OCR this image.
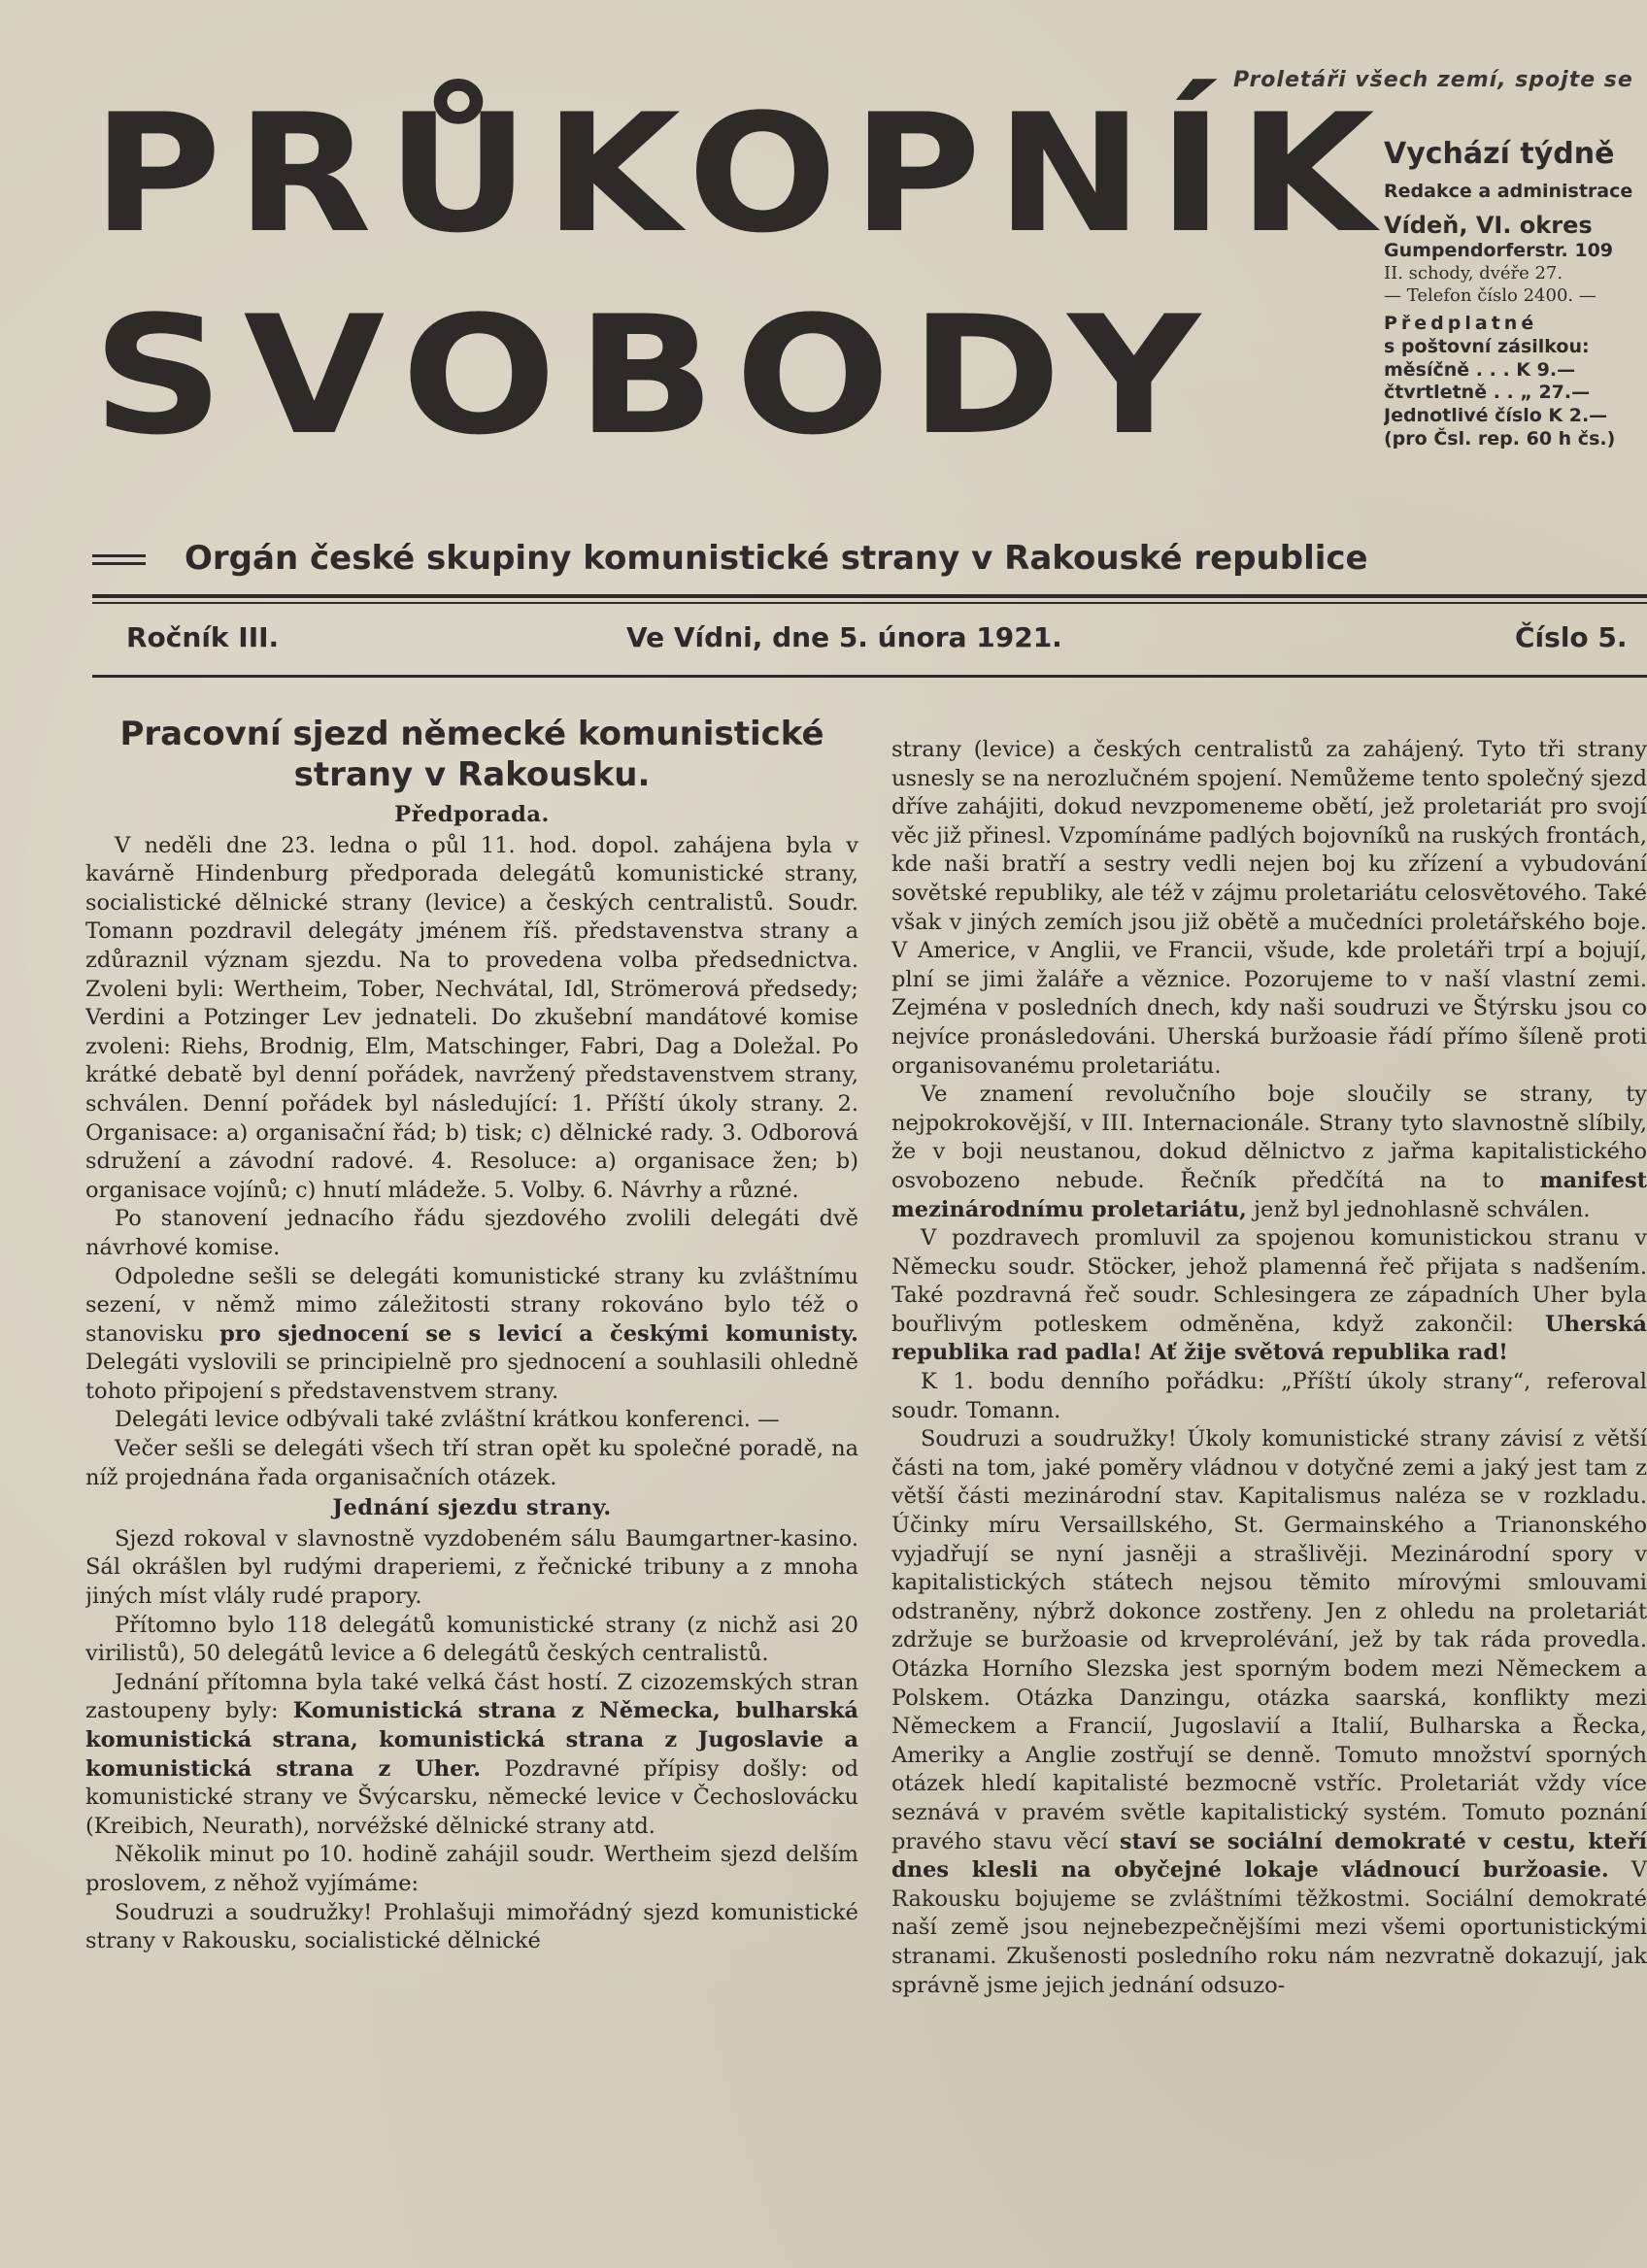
Proletáři všech zemí, spojte se
PRŮKOPNÍK
SVOBODY
Vychází týdně
Redakce a administrace
Vídeň, VI. okres
Gumpendorferstr. 109
II. schody, dvéře 27.
— Telefon číslo 2400. —
Předplatné
s poštovní zásilkou:
měsíčně . . . K 9.—
čtvrtletně . . „ 27.—
Jednotlivé číslo K 2.—
(pro Čsl. rep. 60 h čs.)
Orgán české skupiny komunistické strany v Rakouské republice
Ročník III.	Ve Vídni, dne 5. února 1921.	Číslo 5.
Pracovní sjezd německé komunistické
strany v Rakousku.
Předporada.

V neděli dne 23. ledna o půl 11. hod. dopol. zahájena byla v kavárně Hindenburg předporada delegátů komunistické strany, socialistické dělnické strany (levice) a českých centralistů. Soudr. Tomann pozdravil delegáty jménem říš. představenstva strany a zdůraznil význam sjezdu. Na to provedena volba předsednictva. Zvoleni byli: Wertheim, Tober, Nechvátal, Idl, Strömerová předsedy; Verdini a Potzinger Lev jednateli. Do zkušební mandátové komise zvoleni: Riehs, Brodnig, Elm, Matschinger, Fabri, Dag a Doležal. Po krátké debatě byl denní pořádek, navržený představenstvem strany, schválen. Denní pořádek byl následující: 1. Příští úkoly strany. 2. Organisace: a) organisační řád; b) tisk; c) dělnické rady. 3. Odborová sdružení a závodní radové. 4. Resoluce: a) organisace žen; b) organisace vojínů; c) hnutí mládeže. 5. Volby. 6. Návrhy a různé.

Po stanovení jednacího řádu sjezdového zvolili delegáti dvě návrhové komise.

Odpoledne sešli se delegáti komunistické strany ku zvláštnímu sezení, v němž mimo záležitosti strany rokováno bylo též o stanovisku pro sjednocení se s levicí a českými komunisty. Delegáti vyslovili se principielně pro sjednocení a souhlasili ohledně tohoto připojení s představenstvem strany.

Delegáti levice odbývali také zvláštní krátkou konferenci. —

Večer sešli se delegáti všech tří stran opět ku společné poradě, na níž projednána řada organisačních otázek.

Jednání sjezdu strany.

Sjezd rokoval v slavnostně vyzdobeném sálu Baumgartner-kasino. Sál okrášlen byl rudými draperiemi, z řečnické tribuny a z mnoha jiných míst vlály rudé prapory.

Přítomno bylo 118 delegátů komunistické strany (z nichž asi 20 virilistů), 50 delegátů levice a 6 delegátů českých centralistů.

Jednání přítomna byla také velká část hostí. Z cizozemských stran zastoupeny byly: Komunistická strana z Německa, bulharská komunistická strana, komunistická strana z Jugoslavie a komunistická strana z Uher. Pozdravné přípisy došly: od komunistické strany ve Švýcarsku, německé levice v Čechoslovácku (Kreibich, Neurath), norvéžské dělnické strany atd.

Několik minut po 10. hodině zahájil soudr. Wertheim sjezd delším proslovem, z něhož vyjímáme:

Soudruzi a soudružky! Prohlašuji mimořádný sjezd komunistické strany v Rakousku, socialistické dělnické

strany (levice) a českých centralistů za zahájený. Tyto tři strany usnesly se na nerozlučném spojení. Nemůžeme tento společný sjezd dříve zahájiti, dokud nevzpomeneme obětí, jež proletariát pro svojí věc již přinesl. Vzpomínáme padlých bojovníků na ruských frontách, kde naši bratří a sestry vedli nejen boj ku zřízení a vybudování sovětské republiky, ale též v zájmu proletariátu celosvětového. Také však v jiných zemích jsou již obětě a mučedníci proletářského boje. V Americe, v Anglii, ve Francii, všude, kde proletáři trpí a bojují, plní se jimi žaláře a věznice. Pozorujeme to v naší vlastní zemi. Zejména v posledních dnech, kdy naši soudruzi ve Štýrsku jsou co nejvíce pronásledováni. Uherská buržoasie řádí přímo šíleně proti organisovanému proletariátu.

Ve znamení revolučního boje sloučily se strany, ty nejpokrokovější, v III. Internacionále. Strany tyto slavnostně slíbily, že v boji neustanou, dokud dělnictvo z jařma kapitalistického osvobozeno nebude. Řečník předčítá na to manifest mezinárodnímu proletariátu, jenž byl jednohlasně schválen.

V pozdravech promluvil za spojenou komunistickou stranu v Německu soudr. Stöcker, jehož plamenná řeč přijata s nadšením. Také pozdravná řeč soudr. Schlesingera ze západních Uher byla bouřlivým potleskem odměněna, když zakončil: Uherská republika rad padla! Ať žije světová republika rad!

K 1. bodu denního pořádku: „Příští úkoly strany“, referoval soudr. Tomann.

Soudruzi a soudružky! Úkoly komunistické strany závisí z větší části na tom, jaké poměry vládnou v dotyčné zemi a jaký jest tam z větší části mezinárodní stav. Kapitalismus naléza se v rozkladu. Účinky míru Versaillského, St. Germainského a Trianonského vyjadřují se nyní jasněji a strašlivěji. Mezinárodní spory v kapitalistických státech nejsou těmito mírovými smlouvami odstraněny, nýbrž dokonce zostřeny. Jen z ohledu na proletariát zdržuje se buržoasie od krveprolévání, jež by tak ráda provedla. Otázka Horního Slezska jest sporným bodem mezi Německem a Polskem. Otázka Danzingu, otázka saarská, konflikty mezi Německem a Francií, Jugoslavií a Italií, Bulharska a Řecka, Ameriky a Anglie zostřují se denně. Tomuto množství sporných otázek hledí kapitalisté bezmocně vstříc. Proletariát vždy více seznává v pravém světle kapitalistický systém. Tomuto poznání pravého stavu věcí staví se sociální demokraté v cestu, kteří dnes klesli na obyčejné lokaje vládnoucí buržoasie. V Rakousku bojujeme se zvláštními těžkostmi. Sociální demokraté naší země jsou nejnebezpečnějšími mezi všemi oportunistickými stranami. Zkušenosti posledního roku nám nezvratně dokazují, jak správně jsme jejich jednání odsuzo-
